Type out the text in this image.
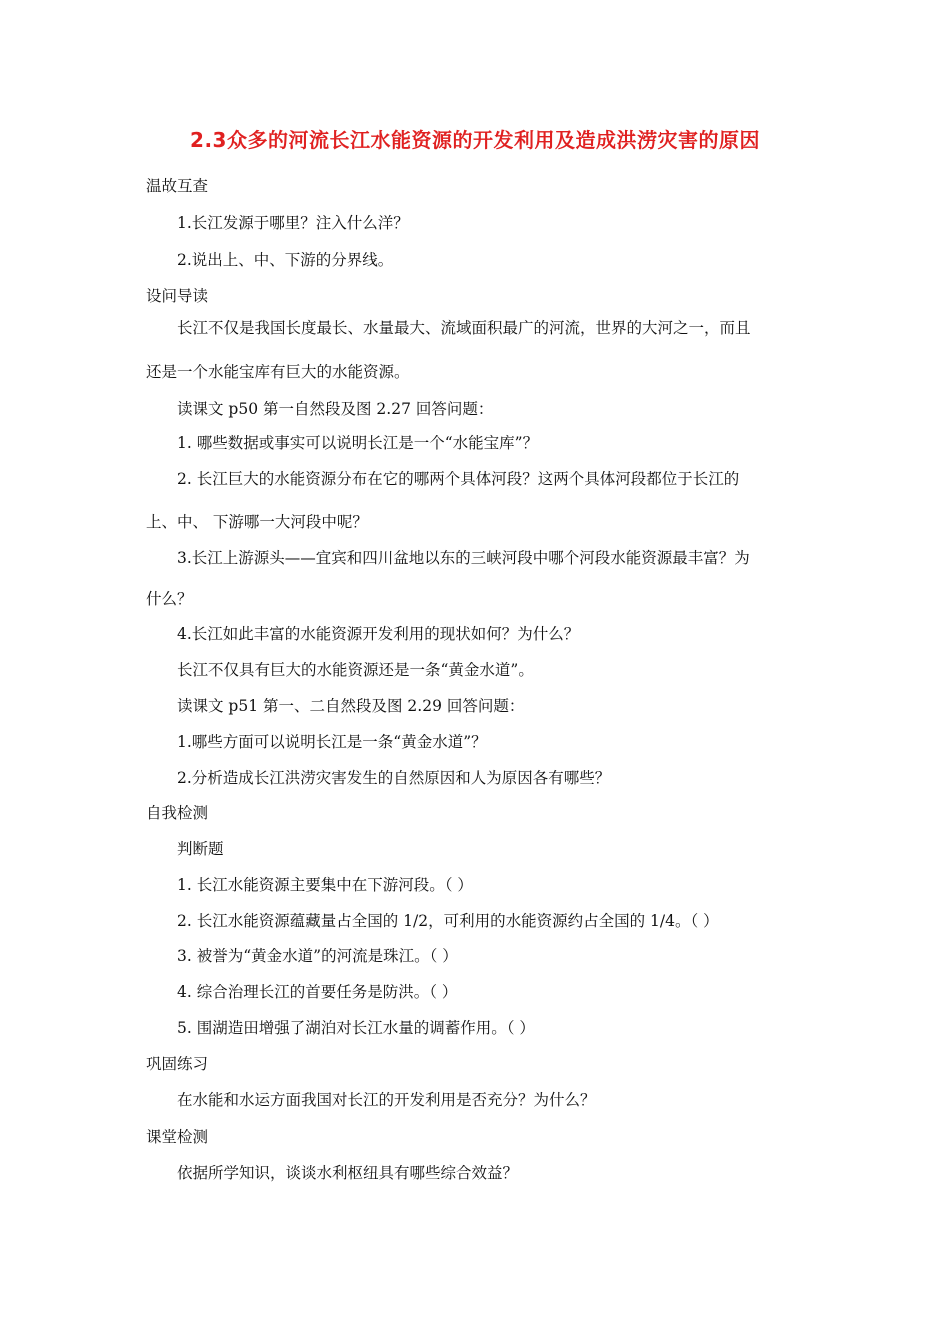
2.3众多的河流长江水能资源的开发利用及造成洪涝灾害的原因
温故互查
1.长江发源于哪里？注入什么洋？
2.说出上、中、下游的分界线。
设问导读
长江不仅是我国长度最长、水量最大、流域面积最广的河流，世界的大河之一，而且
还是一个水能宝库有巨大的水能资源。
读课文 p50 第一自然段及图 2.27 回答问题：
1. 哪些数据或事实可以说明长江是一个“水能宝库”？
2. 长江巨大的水能资源分布在它的哪两个具体河段？这两个具体河段都位于长江的
上、中、 下游哪一大河段中呢？
3.长江上游源头——宜宾和四川盆地以东的三峡河段中哪个河段水能资源最丰富？为
什么？
4.长江如此丰富的水能资源开发利用的现状如何？为什么？
长江不仅具有巨大的水能资源还是一条“黄金水道”。
读课文 p51 第一、二自然段及图 2.29 回答问题：
1.哪些方面可以说明长江是一条“黄金水道”？
2.分析造成长江洪涝灾害发生的自然原因和人为原因各有哪些？
自我检测
判断题
1. 长江水能资源主要集中在下游河段。（ ）
2. 长江水能资源蕴藏量占全国的 1/2，可利用的水能资源约占全国的 1/4。（ ）
3. 被誉为“黄金水道”的河流是珠江。（ ）
4. 综合治理长江的首要任务是防洪。（ ）
5. 围湖造田增强了湖泊对长江水量的调蓄作用。（ ）
巩固练习
在水能和水运方面我国对长江的开发利用是否充分？为什么？
课堂检测
依据所学知识，谈谈水利枢纽具有哪些综合效益？
